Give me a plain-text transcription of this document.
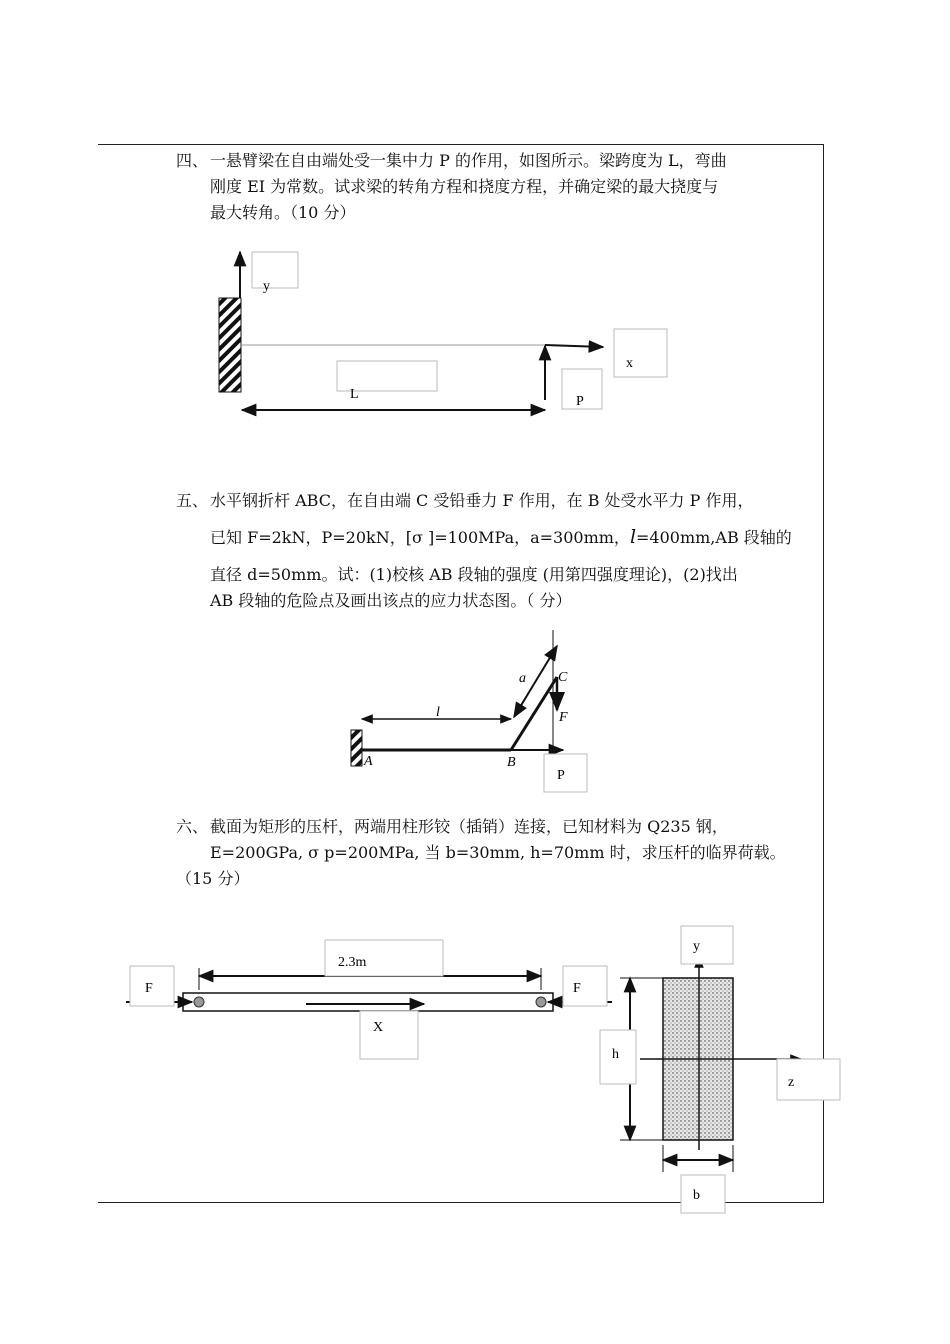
四、 一悬臂梁在自由端处受一集中力 P 的作用，如图所示。梁跨度为 L，弯曲
刚度 EI 为常数。试求梁的转角方程和挠度方程，并确定梁的最大挠度与
最大转角。（10 分）
五、 水平钢折杆 ABC，在自由端 C 受铅垂力 F 作用，在 B 处受水平力 P 作用，
已知 F=2kN，P=20kN，[σ ]=100MPa，a=300mm，l=400mm,AB 段轴的
直径 d=50mm。试：(1)校核 AB 段轴的强度 (用第四强度理论)，(2)找出
AB 段轴的危险点及画出该点的应力状态图。（ 分）
六、 截面为矩形的压杆，两端用柱形铰（插销）连接，已知材料为 Q235 钢，
E=200GPa, σ p=200MPa, 当 b=30mm, h=70mm 时，求压杆的临界荷载。
（15 分）
y
x
P
L
a C
l	F
A	B
P
F	F
2.3m
X
y
z
h
b
